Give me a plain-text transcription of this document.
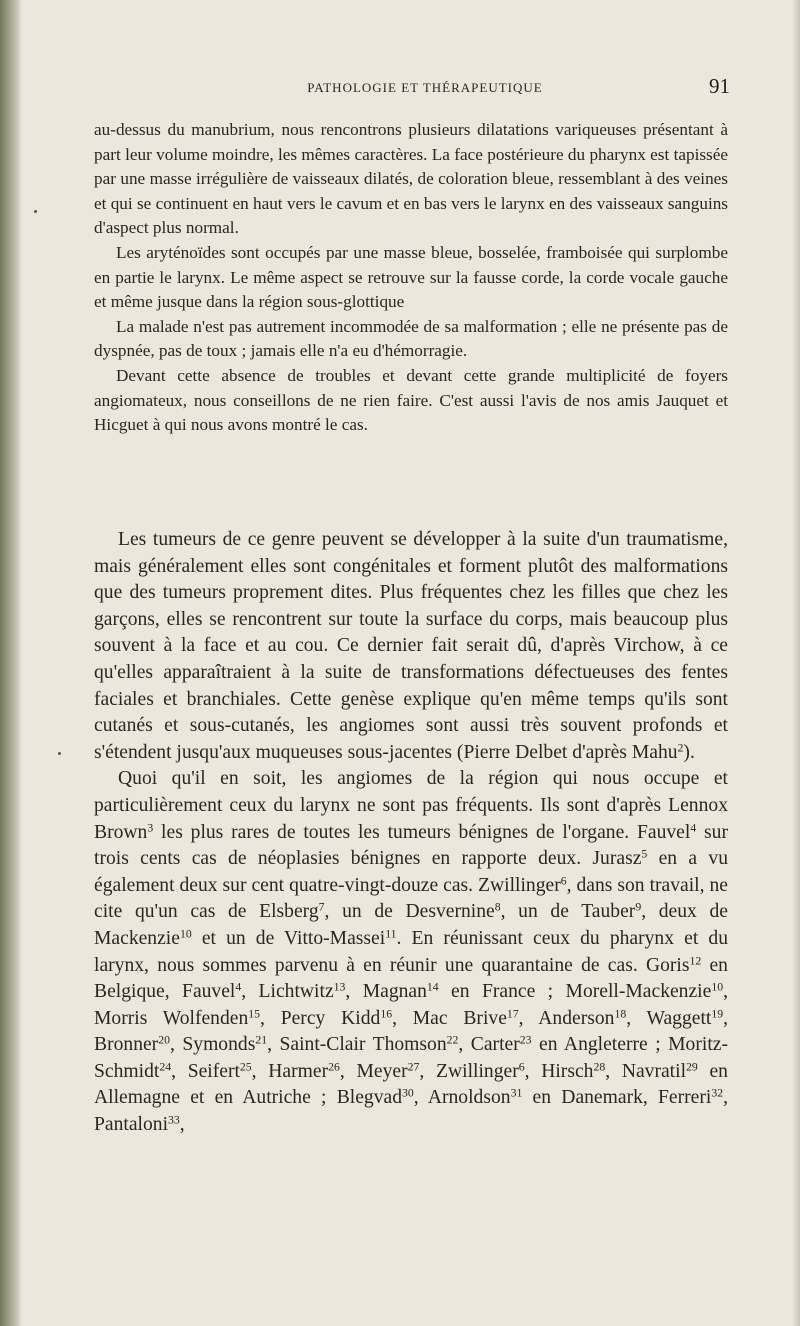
PATHOLOGIE ET THÉRAPEUTIQUE	91

au-dessus du manubrium, nous rencontrons plusieurs dilatations variqueuses présentant à part leur volume moindre, les mêmes caractères. La face postérieure du pharynx est tapissée par une masse irrégulière de vaisseaux dilatés, de coloration bleue, ressemblant à des veines et qui se continuent en haut vers le cavum et en bas vers le larynx en des vaisseaux sanguins d'aspect plus normal.

Les aryténoïdes sont occupés par une masse bleue, bosselée, framboisée qui surplombe en partie le larynx. Le même aspect se retrouve sur la fausse corde, la corde vocale gauche et même jusque dans la région sous-glottique

La malade n'est pas autrement incommodée de sa malformation ; elle ne présente pas de dyspnée, pas de toux ; jamais elle n'a eu d'hémorragie.

Devant cette absence de troubles et devant cette grande multiplicité de foyers angiomateux, nous conseillons de ne rien faire. C'est aussi l'avis de nos amis Jauquet et Hicguet à qui nous avons montré le cas.

Les tumeurs de ce genre peuvent se développer à la suite d'un traumatisme, mais généralement elles sont congénitales et forment plutôt des malformations que des tumeurs proprement dites. Plus fréquentes chez les filles que chez les garçons, elles se rencontrent sur toute la surface du corps, mais beaucoup plus souvent à la face et au cou. Ce dernier fait serait dû, d'après Virchow, à ce qu'elles apparaîtraient à la suite de transformations défectueuses des fentes faciales et branchiales. Cette genèse explique qu'en même temps qu'ils sont cutanés et sous-cutanés, les angiomes sont aussi très souvent profonds et s'étendent jusqu'aux muqueuses sous-jacentes (Pierre Delbet d'après Mahu$^2$).

Quoi qu'il en soit, les angiomes de la région qui nous occupe et particulièrement ceux du larynx ne sont pas fréquents. Ils sont d'après Lennox Brown$^3$ les plus rares de toutes les tumeurs bénignes de l'organe. Fauvel$^4$ sur trois cents cas de néoplasies bénignes en rapporte deux. Jurasz$^5$ en a vu également deux sur cent quatre-vingt-douze cas. Zwillinger$^6$, dans son travail, ne cite qu'un cas de Elsberg$^7$, un de Desvernine$^8$, un de Tauber$^9$, deux de Mackenzie$^{10}$ et un de Vitto-Massei$^{11}$. En réunissant ceux du pharynx et du larynx, nous sommes parvenu à en réunir une quarantaine de cas. Goris$^{12}$ en Belgique, Fauvel$^4$, Lichtwitz$^{13}$, Magnan$^{14}$ en France ; Morell-Mackenzie$^{10}$, Morris Wolfenden$^{15}$, Percy Kidd$^{16}$, Mac Brive$^{17}$, Anderson$^{18}$, Waggett$^{19}$, Bronner$^{20}$, Symonds$^{21}$, Saint-Clair Thomson$^{22}$, Carter$^{23}$ en Angleterre ; Moritz-Schmidt$^{24}$, Seifert$^{25}$, Harmer$^{26}$, Meyer$^{27}$, Zwillinger$^6$, Hirsch$^{28}$, Navratil$^{29}$ en Allemagne et en Autriche ; Blegvad$^{30}$, Arnoldson$^{31}$ en Danemark, Ferreri$^{32}$, Pantaloni$^{33}$,
